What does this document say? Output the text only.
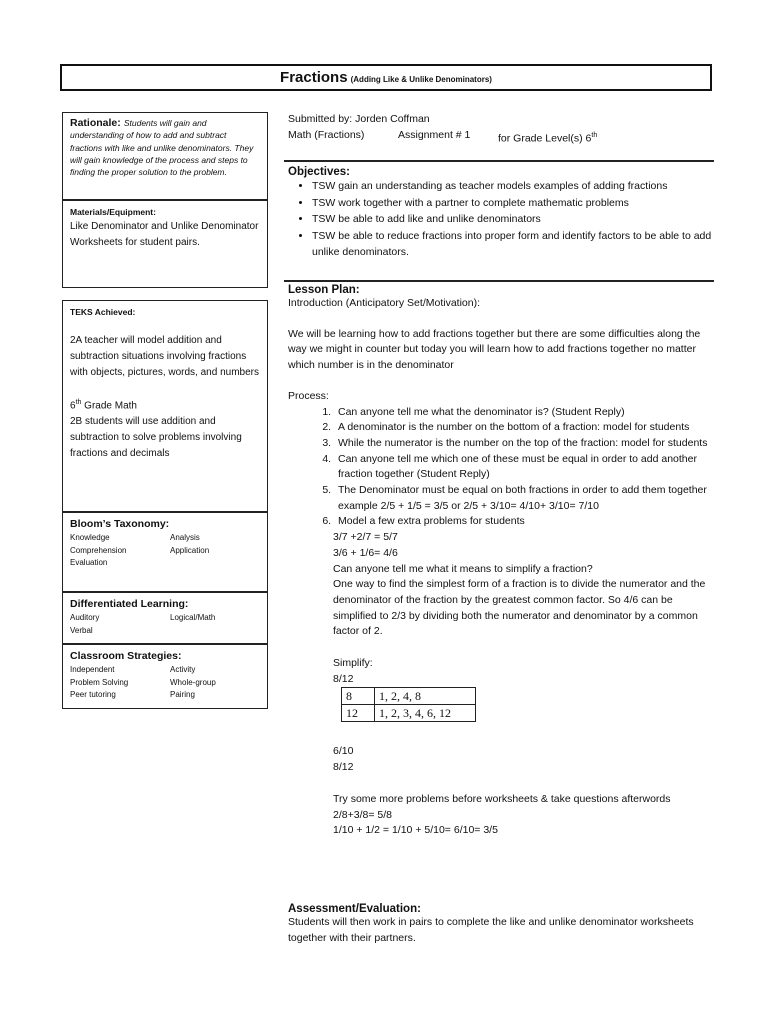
Fractions (Adding Like & Unlike Denominators)
Rationale: Students will gain and understanding of how to add and subtract fractions with like and unlike denominators. They will gain knowledge of the process and steps to finding the proper solution to the problem.
Materials/Equipment:
Like Denominator and Unlike Denominator Worksheets for student pairs.
TEKS Achieved:
2A teacher will model addition and subtraction situations involving fractions with objects, pictures, words, and numbers
6th Grade Math
2B students will use addition and subtraction to solve problems involving fractions and decimals
Bloom’s Taxonomy:
Knowledge	Analysis
Comprehension	Application
Evaluation
Differentiated Learning:
Auditory	Logical/Math
Verbal
Classroom Strategies:
Independent	Activity
Problem Solving	Whole-group
Peer tutoring	Pairing
Submitted by: Jorden Coffman
Math (Fractions)	Assignment # 1	for Grade Level(s) 6th
Objectives:
• TSW gain an understanding as teacher models examples of adding fractions
• TSW work together with a partner to complete mathematic problems
• TSW be able to add like and unlike denominators
• TSW be able to reduce fractions into proper form and identify factors to be able to add unlike denominators.
Lesson Plan:
Introduction (Anticipatory Set/Motivation):
We will be learning how to add fractions together but there are some difficulties along the way we might in counter but today you will learn how to add fractions together no matter which number is in the denominator
Process:
1. Can anyone tell me what the denominator is? (Student Reply)
2. A denominator is the number on the bottom of a fraction: model for students
3. While the numerator is the number on the top of the fraction: model for students
4. Can anyone tell me which one of these must be equal in order to add another fraction together (Student Reply)
5. The Denominator must be equal on both fractions in order to add them together example 2/5 + 1/5 = 3/5 or 2/5 + 3/10= 4/10+ 3/10= 7/10
6. Model a few extra problems for students
3/7 +2/7 = 5/7
3/6 + 1/6= 4/6
Can anyone tell me what it means to simplify a fraction?
One way to find the simplest form of a fraction is to divide the numerator and the denominator of the fraction by the greatest common factor. So 4/6 can be simplified to 2/3 by dividing both the numerator and denominator by a common factor of 2.
Simplify:
8/12
8	1, 2, 4, 8
12	1, 2, 3, 4, 6, 12
6/10
8/12
Try some more problems before worksheets & take questions afterwords
2/8+3/8= 5/8
1/10 + 1/2 = 1/10 + 5/10= 6/10= 3/5
Assessment/Evaluation:
Students will then work in pairs to complete the like and unlike denominator worksheets together with their partners.
